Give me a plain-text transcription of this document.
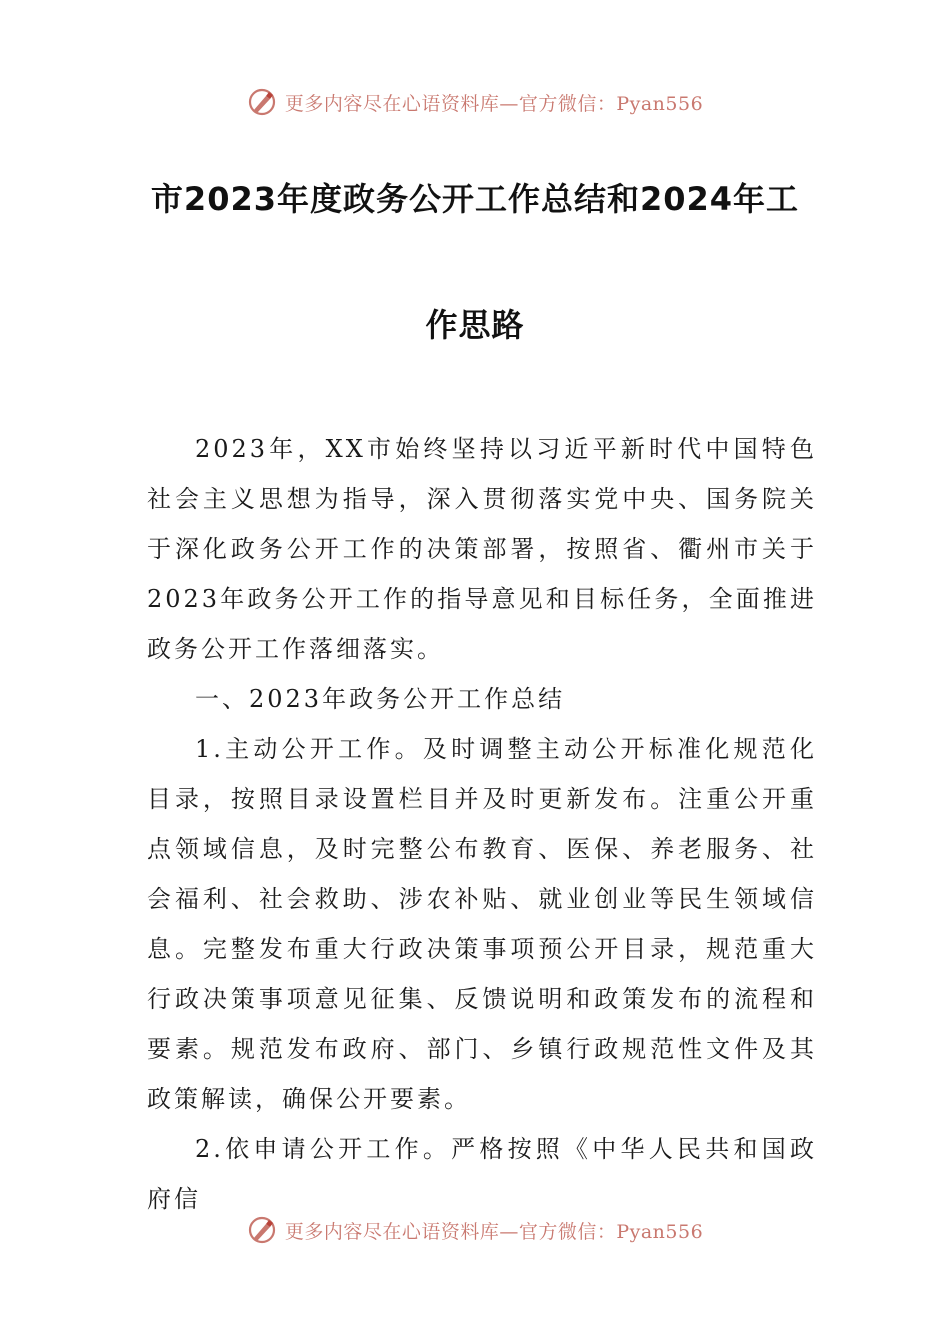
更多内容尽在心语资料库—官方微信：Pyan556
市2023年度政务公开工作总结和2024年工
作思路

2023年，XX市始终坚持以习近平新时代中国特色社会主义思想为指导，深入贯彻落实党中央、国务院关于深化政务公开工作的决策部署，按照省、衢州市关于2023年政务公开工作的指导意见和目标任务，全面推进政务公开工作落细落实。

一、2023年政务公开工作总结

1.主动公开工作。及时调整主动公开标准化规范化目录，按照目录设置栏目并及时更新发布。注重公开重点领域信息，及时完整公布教育、医保、养老服务、社会福利、社会救助、涉农补贴、就业创业等民生领域信息。完整发布重大行政决策事项预公开目录，规范重大行政决策事项意见征集、反馈说明和政策发布的流程和要素。规范发布政府、部门、乡镇行政规范性文件及其政策解读，确保公开要素。

2.依申请公开工作。严格按照《中华人民共和国政府信

更多内容尽在心语资料库—官方微信：Pyan556
